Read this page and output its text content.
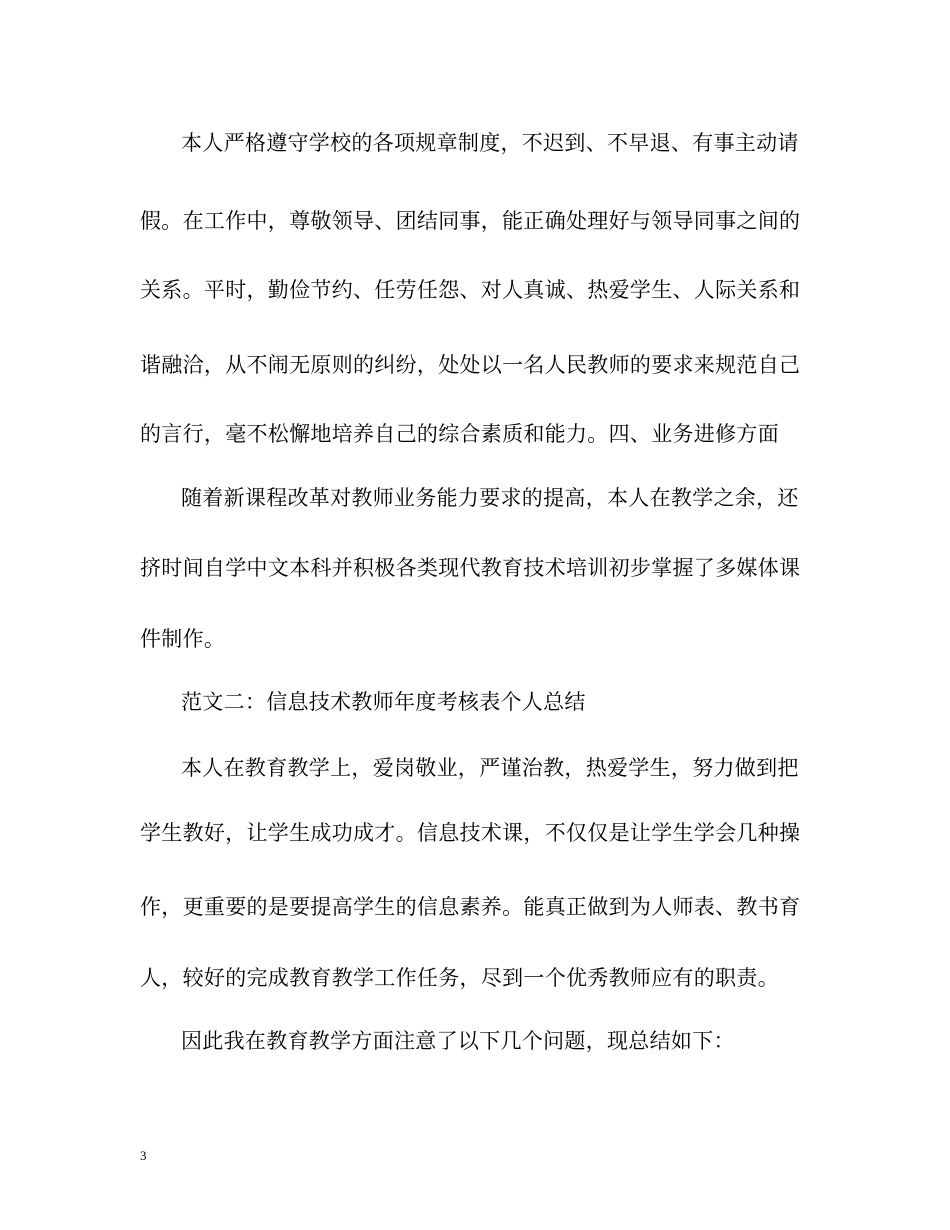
本人严格遵守学校的各项规章制度，不迟到、不早退、有事主动请
假。在工作中，尊敬领导、团结同事，能正确处理好与领导同事之间的
关系。平时，勤俭节约、任劳任怨、对人真诚、热爱学生、人际关系和
谐融洽，从不闹无原则的纠纷，处处以一名人民教师的要求来规范自己
的言行，毫不松懈地培养自己的综合素质和能力。四、业务进修方面
随着新课程改革对教师业务能力要求的提高，本人在教学之余，还
挤时间自学中文本科并积极各类现代教育技术培训初步掌握了多媒体课
件制作。
范文二：信息技术教师年度考核表个人总结
本人在教育教学上，爱岗敬业，严谨治教，热爱学生，努力做到把
学生教好，让学生成功成才。信息技术课，不仅仅是让学生学会几种操
作，更重要的是要提高学生的信息素养。能真正做到为人师表、教书育
人，较好的完成教育教学工作任务，尽到一个优秀教师应有的职责。
因此我在教育教学方面注意了以下几个问题，现总结如下：
3
